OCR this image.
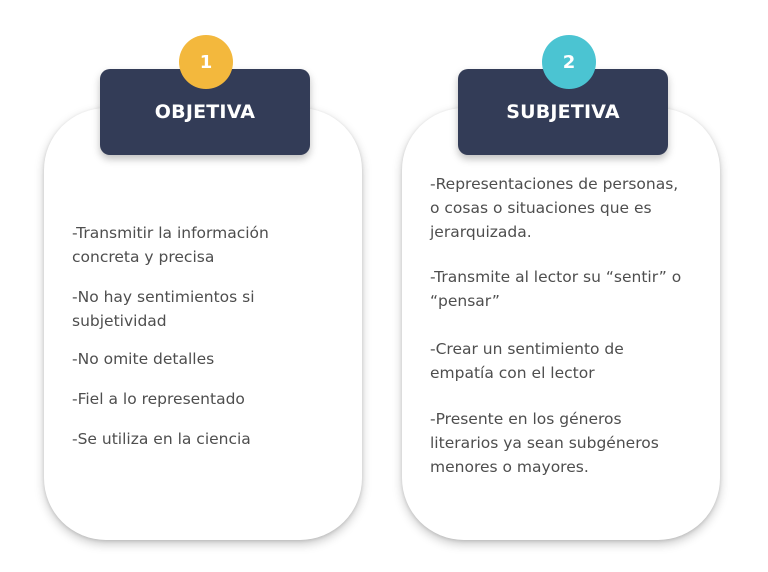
OBJETIVA	SUBJETIVA
1	2

-Transmitir la información
concreta y precisa

-No hay sentimientos si
subjetividad

-No omite detalles

-Fiel a lo representado

-Se utiliza en la ciencia

-Representaciones de personas,
o cosas o situaciones que es
jerarquizada.

-Transmite al lector su “sentir” o
“pensar”

-Crear un sentimiento de
empatía con el lector

-Presente en los géneros
literarios ya sean subgéneros
menores o mayores.
